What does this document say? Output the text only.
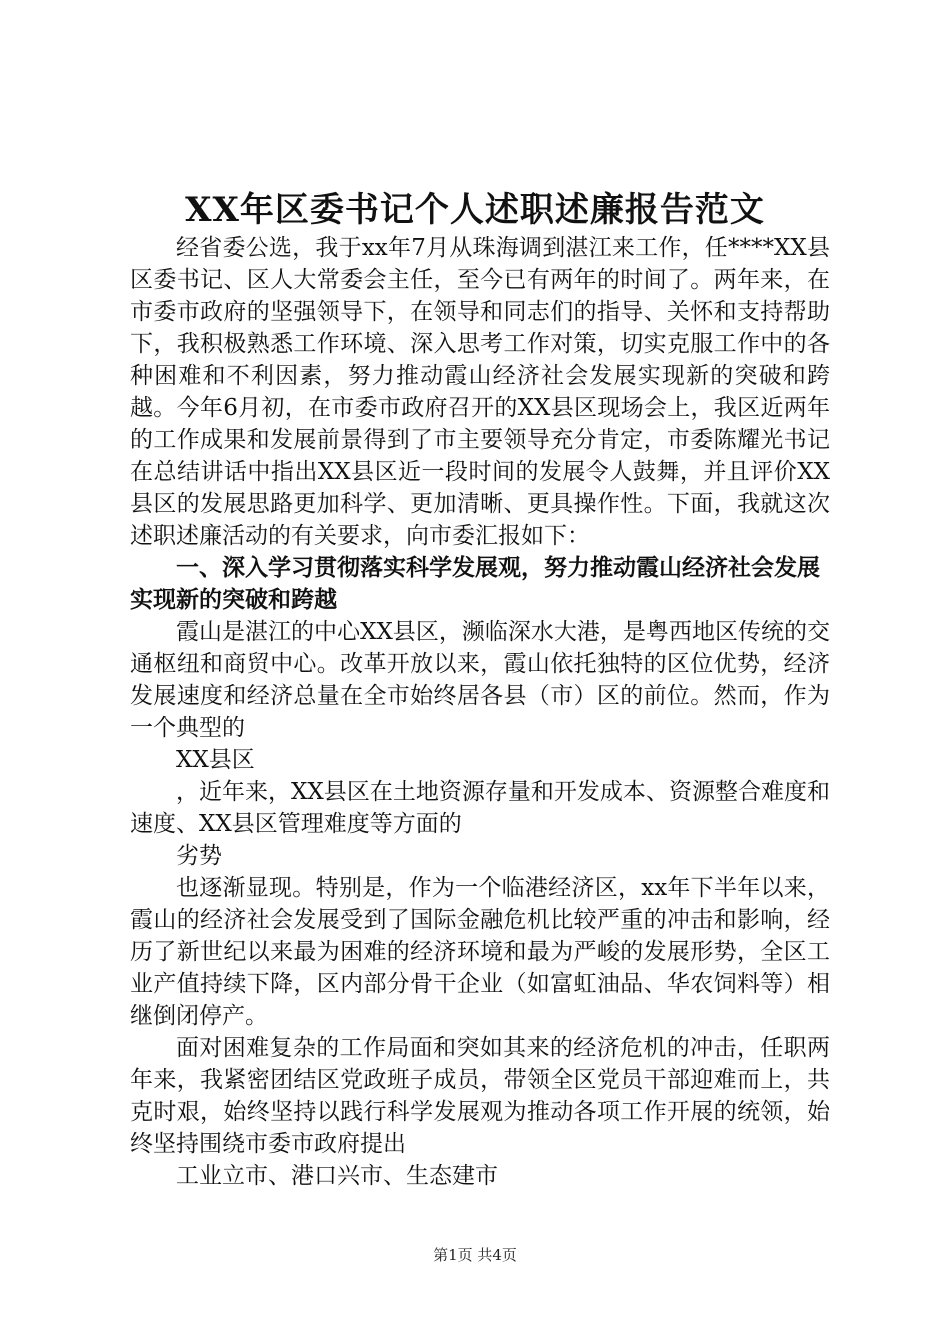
XX年区委书记个人述职述廉报告范文

经省委公选，我于xx年7月从珠海调到湛江来工作，任****XX县区委书记、区人大常委会主任，至今已有两年的时间了。两年来，在市委市政府的坚强领导下，在领导和同志们的指导、关怀和支持帮助下，我积极熟悉工作环境、深入思考工作对策，切实克服工作中的各种困难和不利因素，努力推动霞山经济社会发展实现新的突破和跨越。今年6月初，在市委市政府召开的XX县区现场会上，我区近两年的工作成果和发展前景得到了市主要领导充分肯定，市委陈耀光书记在总结讲话中指出XX县区近一段时间的发展令人鼓舞，并且评价XX县区的发展思路更加科学、更加清晰、更具操作性。下面，我就这次述职述廉活动的有关要求，向市委汇报如下：

一、深入学习贯彻落实科学发展观，努力推动霞山经济社会发展实现新的突破和跨越

霞山是湛江的中心XX县区，濒临深水大港，是粤西地区传统的交通枢纽和商贸中心。改革开放以来，霞山依托独特的区位优势，经济发展速度和经济总量在全市始终居各县（市）区的前位。然而，作为一个典型的

XX县区

，近年来，XX县区在土地资源存量和开发成本、资源整合难度和速度、XX县区管理难度等方面的

劣势

也逐渐显现。特别是，作为一个临港经济区，xx年下半年以来，霞山的经济社会发展受到了国际金融危机比较严重的冲击和影响，经历了新世纪以来最为困难的经济环境和最为严峻的发展形势，全区工业产值持续下降，区内部分骨干企业（如富虹油品、华农饲料等）相继倒闭停产。

面对困难复杂的工作局面和突如其来的经济危机的冲击，任职两年来，我紧密团结区党政班子成员，带领全区党员干部迎难而上，共克时艰，始终坚持以践行科学发展观为推动各项工作开展的统领，始终坚持围绕市委市政府提出

工业立市、港口兴市、生态建市

第1页 共4页
